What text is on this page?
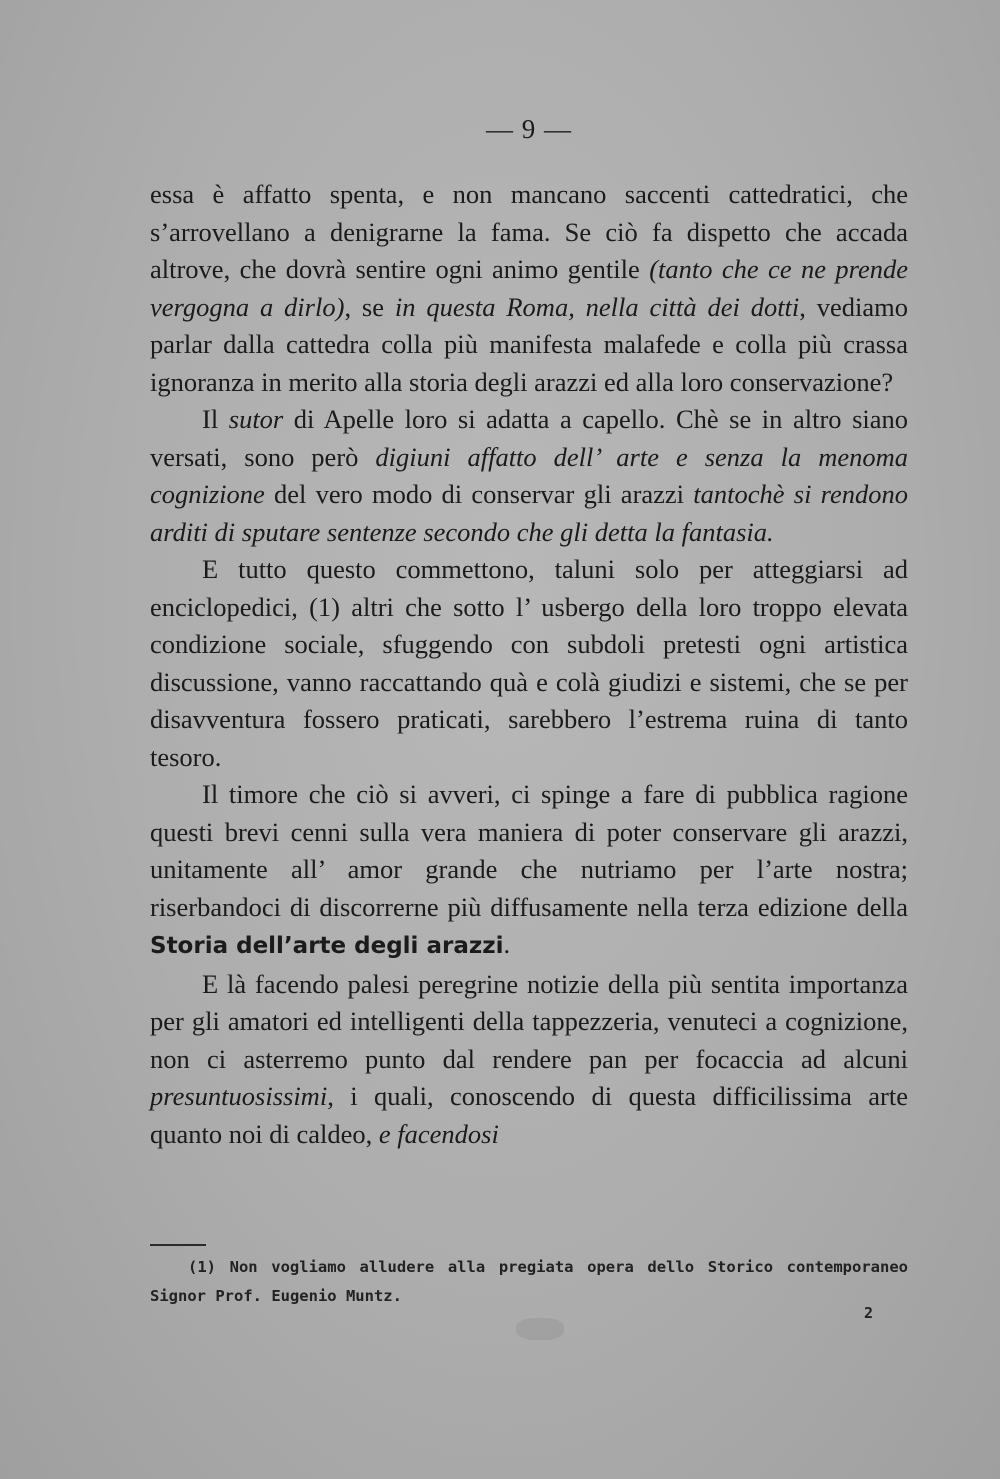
— 9 —

essa è affatto spenta, e non mancano saccenti cattedratici, che s’arrovellano a denigrarne la fama. Se ciò fa dispetto che accada altrove, che dovrà sentire ogni animo gentile (tanto che ce ne prende vergogna a dirlo), se in questa Roma, nella città dei dotti, vediamo parlar dalla cattedra colla più manifesta malafede e colla più crassa ignoranza in merito alla storia degli arazzi ed alla loro conservazione?

Il sutor di Apelle loro si adatta a capello. Chè se in altro siano versati, sono però digiuni affatto dell’ arte e senza la menoma cognizione del vero modo di conservar gli arazzi tantochè si rendono arditi di sputare sentenze secondo che gli detta la fantasia.

E tutto questo commettono, taluni solo per atteggiarsi ad enciclopedici, (1) altri che sotto l’ usbergo della loro troppo elevata condizione sociale, sfuggendo con subdoli pretesti ogni artistica discussione, vanno raccattando quà e colà giudizi e sistemi, che se per disavventura fossero praticati, sarebbero l’estrema ruina di tanto tesoro.

Il timore che ciò si avveri, ci spinge a fare di pubblica ragione questi brevi cenni sulla vera maniera di poter conservare gli arazzi, unitamente all’ amor grande che nutriamo per l’arte nostra; riserbandoci di discorrerne più diffusamente nella terza edizione della Storia dell’arte degli arazzi.

E là facendo palesi peregrine notizie della più sentita importanza per gli amatori ed intelligenti della tappezzeria, venuteci a cognizione, non ci asterremo punto dal rendere pan per focaccia ad alcuni presuntuosissimi, i quali, conoscendo di questa difficilissima arte quanto noi di caldeo, e facendosi

(1) Non vogliamo alludere alla pregiata opera dello Storico contemporaneo Signor Prof. Eugenio Muntz.
2
